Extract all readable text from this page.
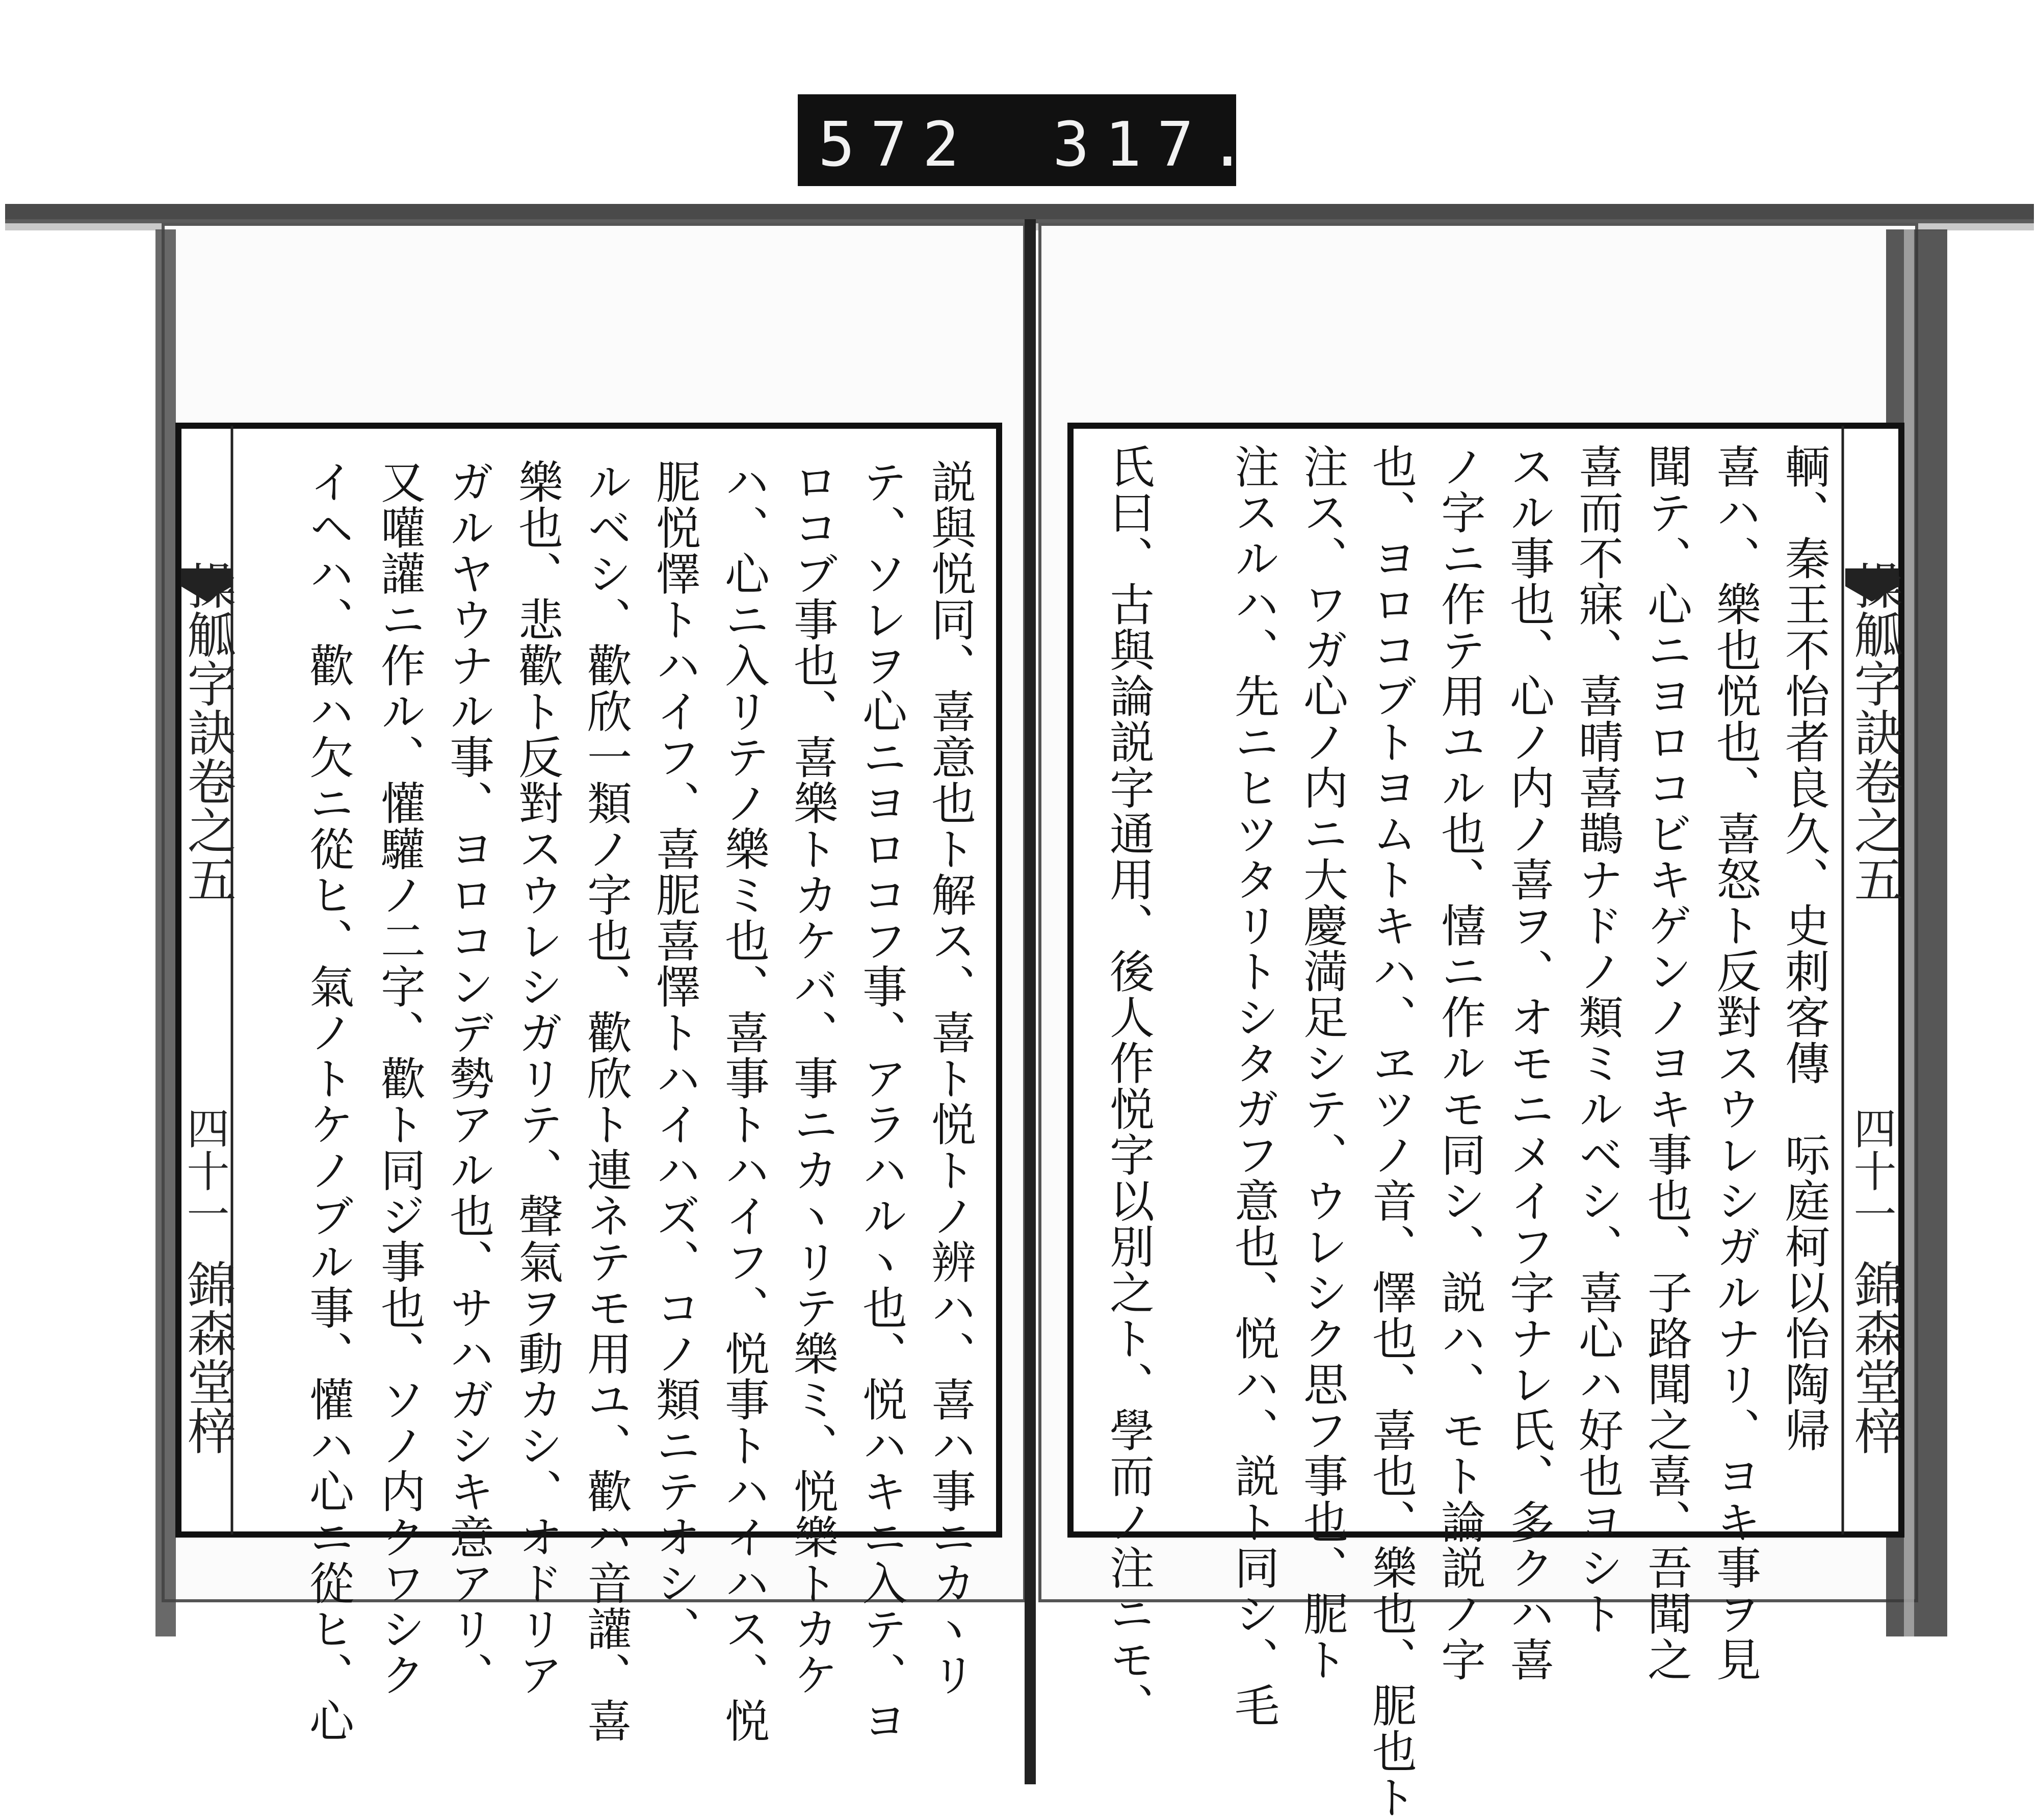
572 317.
操觚字訣卷之五
四十一
錦森堂梓
輌、秦王不怡者良久、史刺客傳　呩庭柯以怡陶帰
喜ハ、樂也悦也、喜怒ト反對スウレシガルナリ、ヨキ事ヲ見
聞テ、心ニヨロコビキゲンノヨキ事也、子路聞之喜、吾聞之
喜而不寐、喜晴喜鵲ナドノ類ミルベシ、喜心ハ好也ヨシト
スル事也、心ノ内ノ喜ヲ、オモニメイフ字ナレ氏、多クハ喜
ノ字ニ作テ用ユル也、憘ニ作ルモ同シ、説ハ、モト論説ノ字
也、ヨロコブトヨムトキハ、ヱツノ音、懌也、喜也、樂也、胒也ト
注ス、ワガ心ノ内ニ大慶満足シテ、ウレシク思フ事也、胒ト
注スルハ、先ニヒツタリトシタガフ意也、悦ハ、説ト同シ、毛
氏曰、古與論説字通用、後人作悦字以別之ト、學而ノ注ニモ、
説與悦同、喜意也ト解ス、喜ト悦トノ辨ハ、喜ハ事ニカヽリ
テ、ソレヲ心ニヨロコフ事、アラハルヽ也、悦ハキニ入テ、ヨ
ロコブ事也、喜樂トカケバ、事ニカヽリテ樂ミ、悦樂トカケ
ハ、心ニ入リテノ樂ミ也、喜事トハイフ、悦事トハイハス、悦
胒悦懌トハイフ、喜胒喜懌トハイハズ、コノ類ニテオシ、
ルベシ、歡欣一類ノ字也、歡欣ト連ネテモ用ユ、歡ハ音讙、喜
樂也、悲歡ト反對スウレシガリテ、聲氣ヲ動カシ、オドリア
ガルヤウナル事、ヨロコンデ勢アル也、サハガシキ意アリ、
又嚾讙ニ作ル、懽驩ノ二字、歡ト同ジ事也、ソノ内クワシク
イヘハ、歡ハ欠ニ從ヒ、氣ノトケノブル事、懽ハ心ニ從ヒ、心
操觚字訣卷之五
四十一
錦森堂梓
